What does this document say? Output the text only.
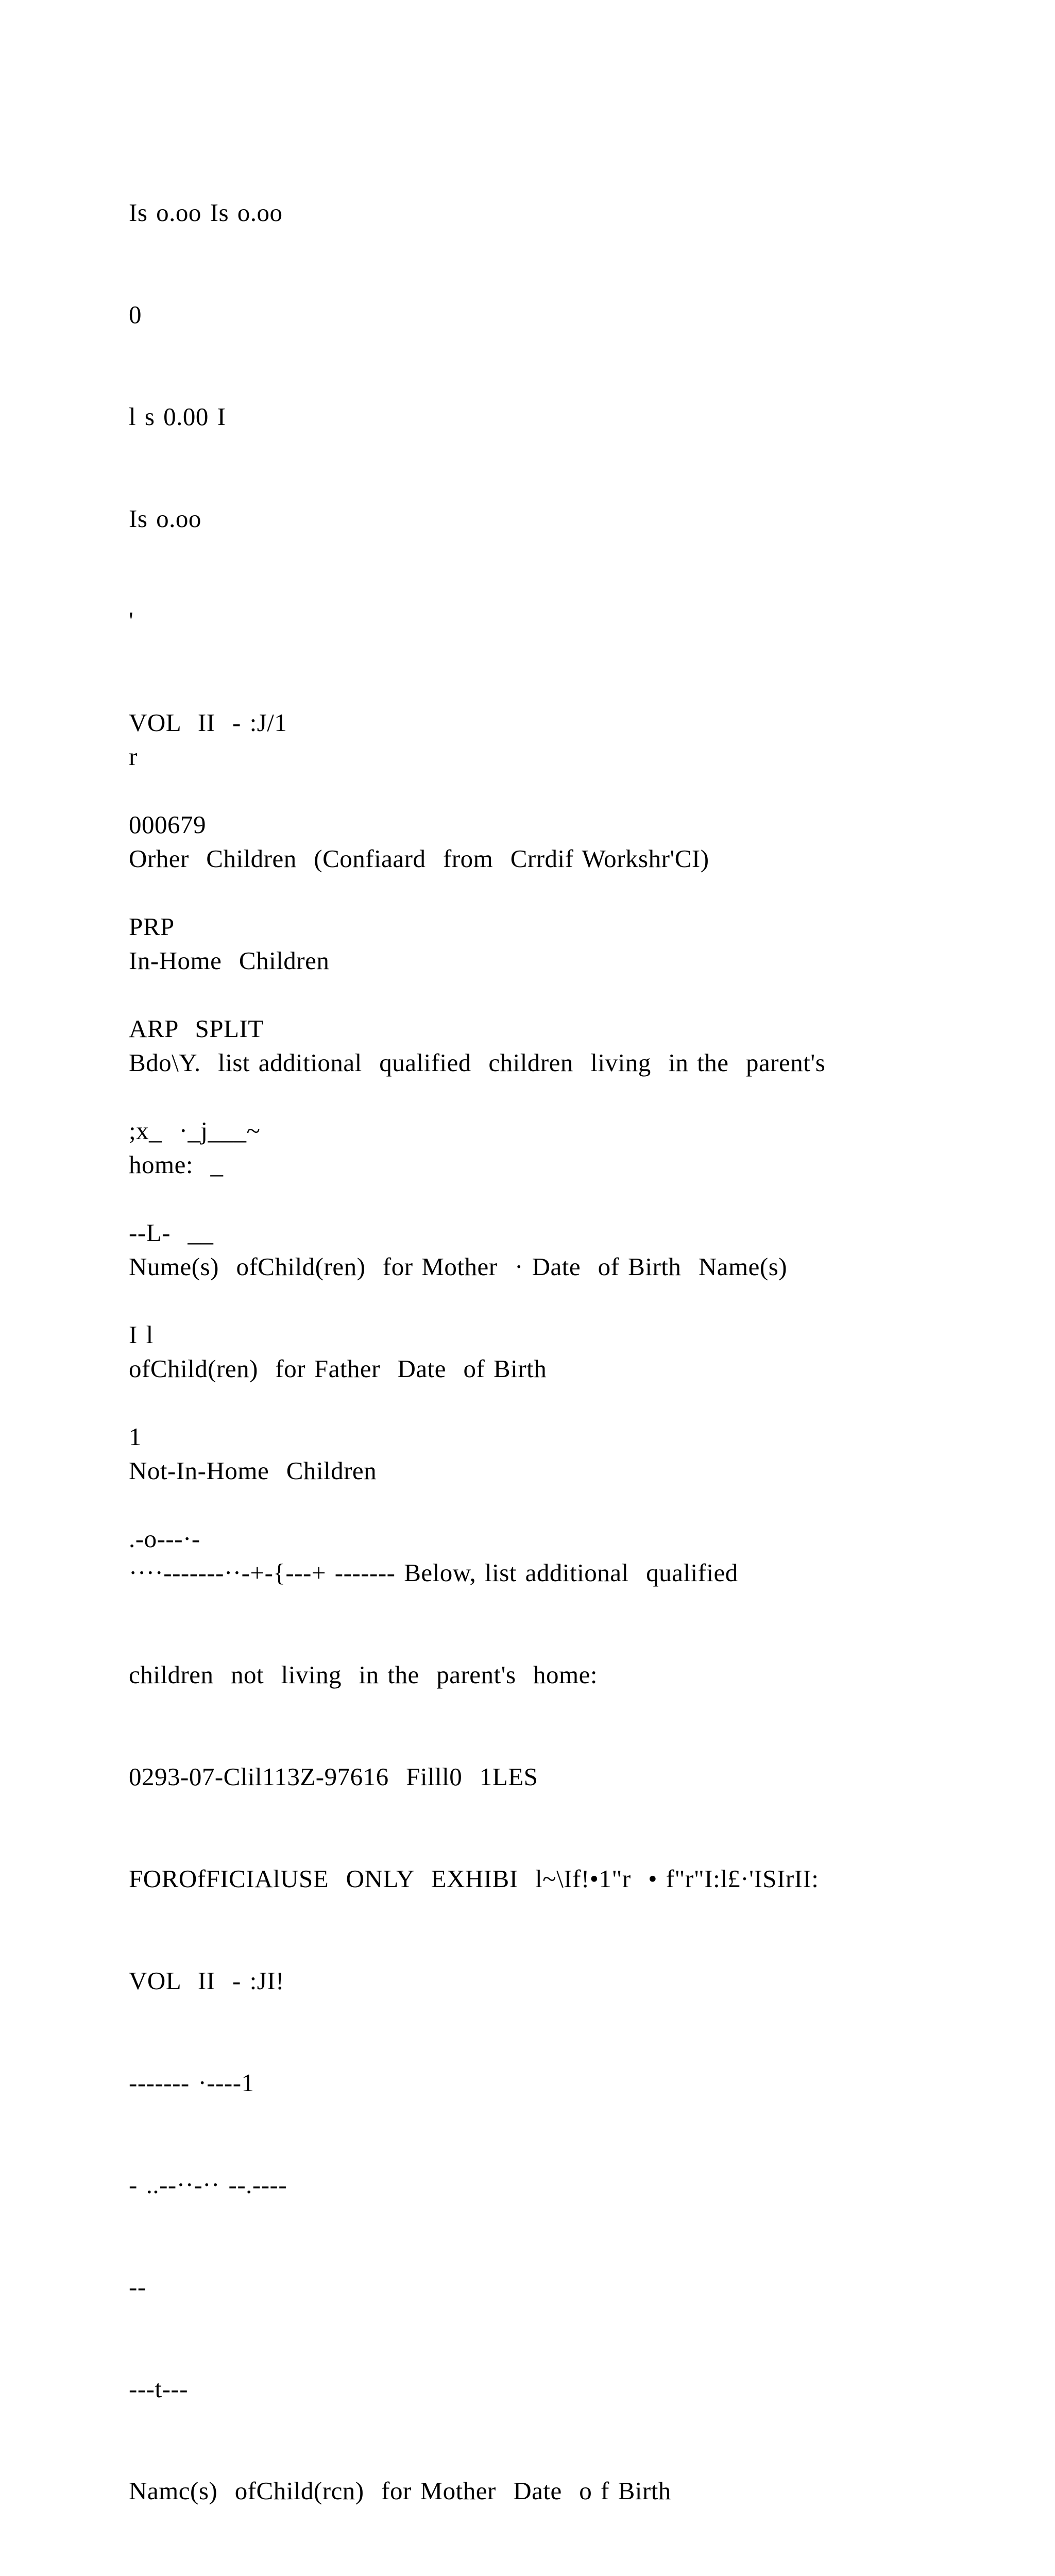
Is o.oo Is o.oo

0

l s 0.00 I

Is o.oo

'

VOL  II  - :J/1

000679

PRP

ARP  SPLIT

;x_  ·_j___~

--L-  __

I l

1

.-o---·-

r

Orher  Children  (Confiaard  from  Crrdif Workshr'CI)

In-Home  Children

Bdo\Y.  list additional  qualified  children  living  in the  parent's

home:  _

Nume(s)  ofChild(ren)  for Mother  · Date  of Birth  Name(s)

ofChild(ren)  for Father  Date  of Birth

Not-In-Home  Children

····-------··-+-{---+ ------- Below, list additional  qualified

children  not  living  in the  parent's  home:

0293-07-Clil113Z-97616  Filll0  1LES

FOROfFICIAlUSE  ONLY  EXHIBI  l~\If!•1"r  • f"r"I:l£·'ISIrII:

VOL  II  - :JI!

------- ·----1

- ..--··-·· --.----

--

---t---

Namc(s)  ofChild(rcn)  for Mother  Date  o f Birth
